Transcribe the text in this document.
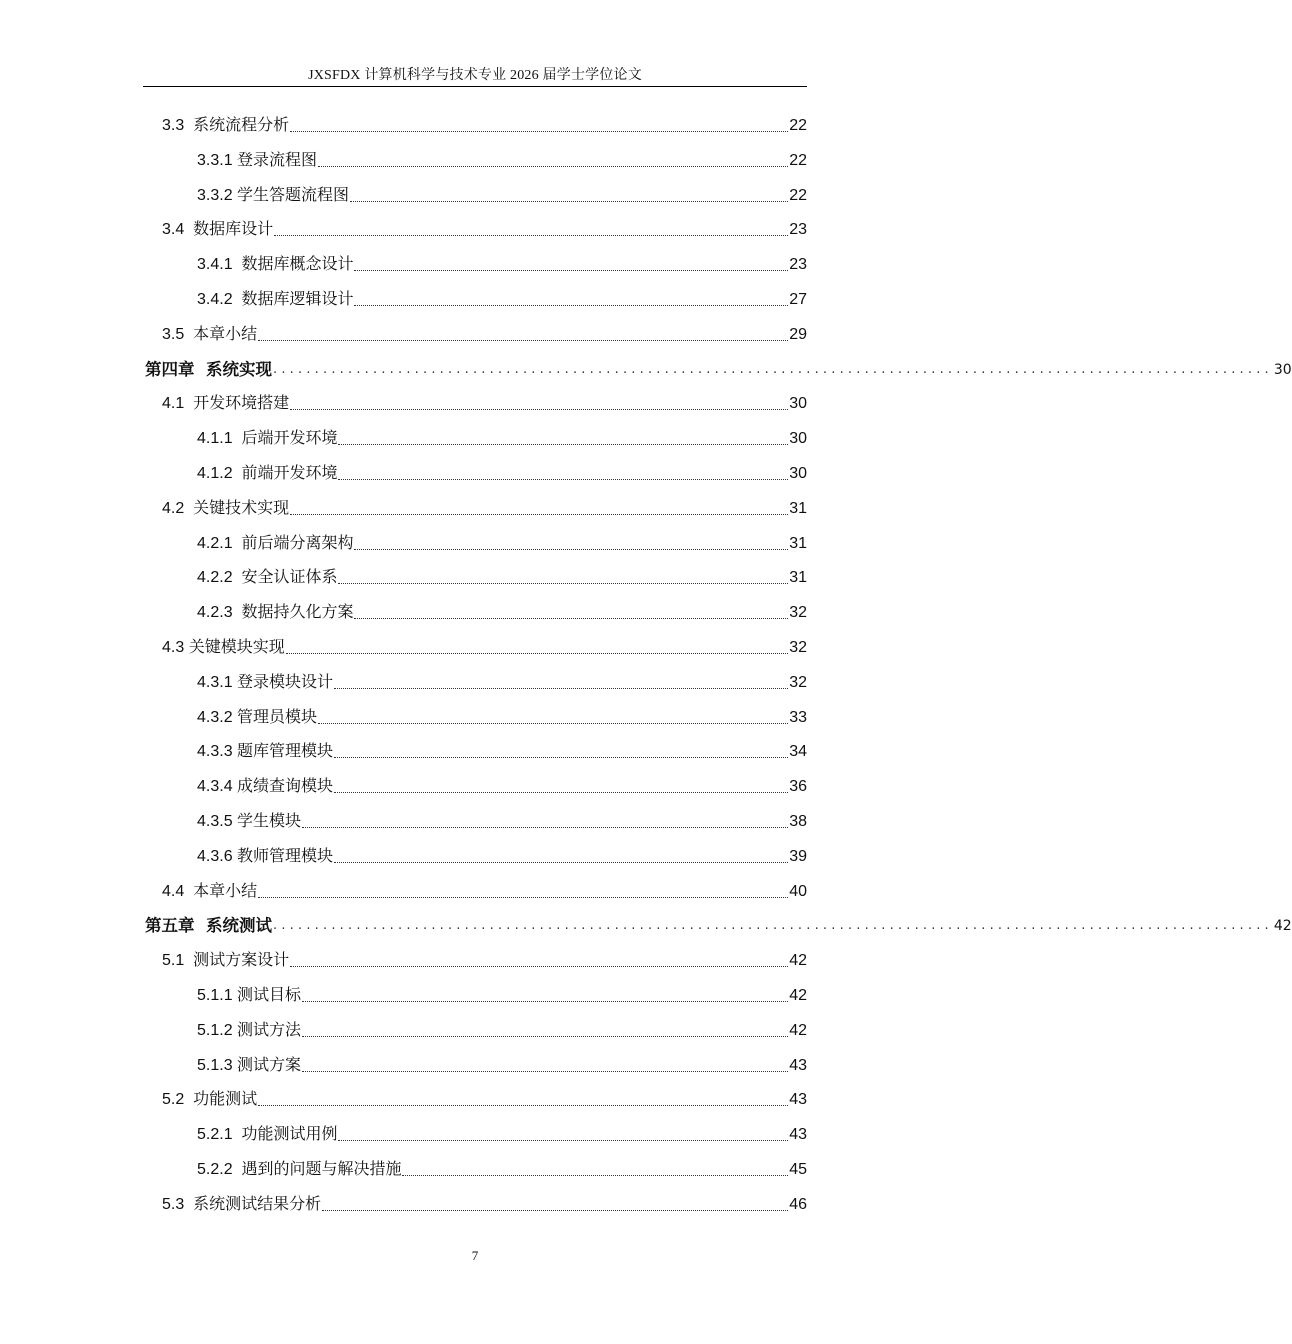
JXSFDX 计算机科学与技术专业 2026 届学士学位论文
3.3  系统流程分析	22
3.3.1 登录流程图	22
3.3.2 学生答题流程图	22
3.4  数据库设计	23
3.4.1  数据库概念设计	23
3.4.2  数据库逻辑设计	27
3.5  本章小结	29
第四章  系统实现 ........................................................................................................................ 30
4.1  开发环境搭建	30
4.1.1  后端开发环境	30
4.1.2  前端开发环境	30
4.2  关键技术实现	31
4.2.1  前后端分离架构	31
4.2.2  安全认证体系	31
4.2.3  数据持久化方案	32
4.3 关键模块实现	32
4.3.1 登录模块设计	32
4.3.2 管理员模块	33
4.3.3 题库管理模块	34
4.3.4 成绩查询模块	36
4.3.5 学生模块	38
4.3.6 教师管理模块	39
4.4  本章小结	40
第五章  系统测试 ........................................................................................................................ 42
5.1  测试方案设计	42
5.1.1 测试目标	42
5.1.2 测试方法	42
5.1.3 测试方案	43
5.2  功能测试	43
5.2.1  功能测试用例	43
5.2.2  遇到的问题与解决措施	45
5.3  系统测试结果分析	46
7
